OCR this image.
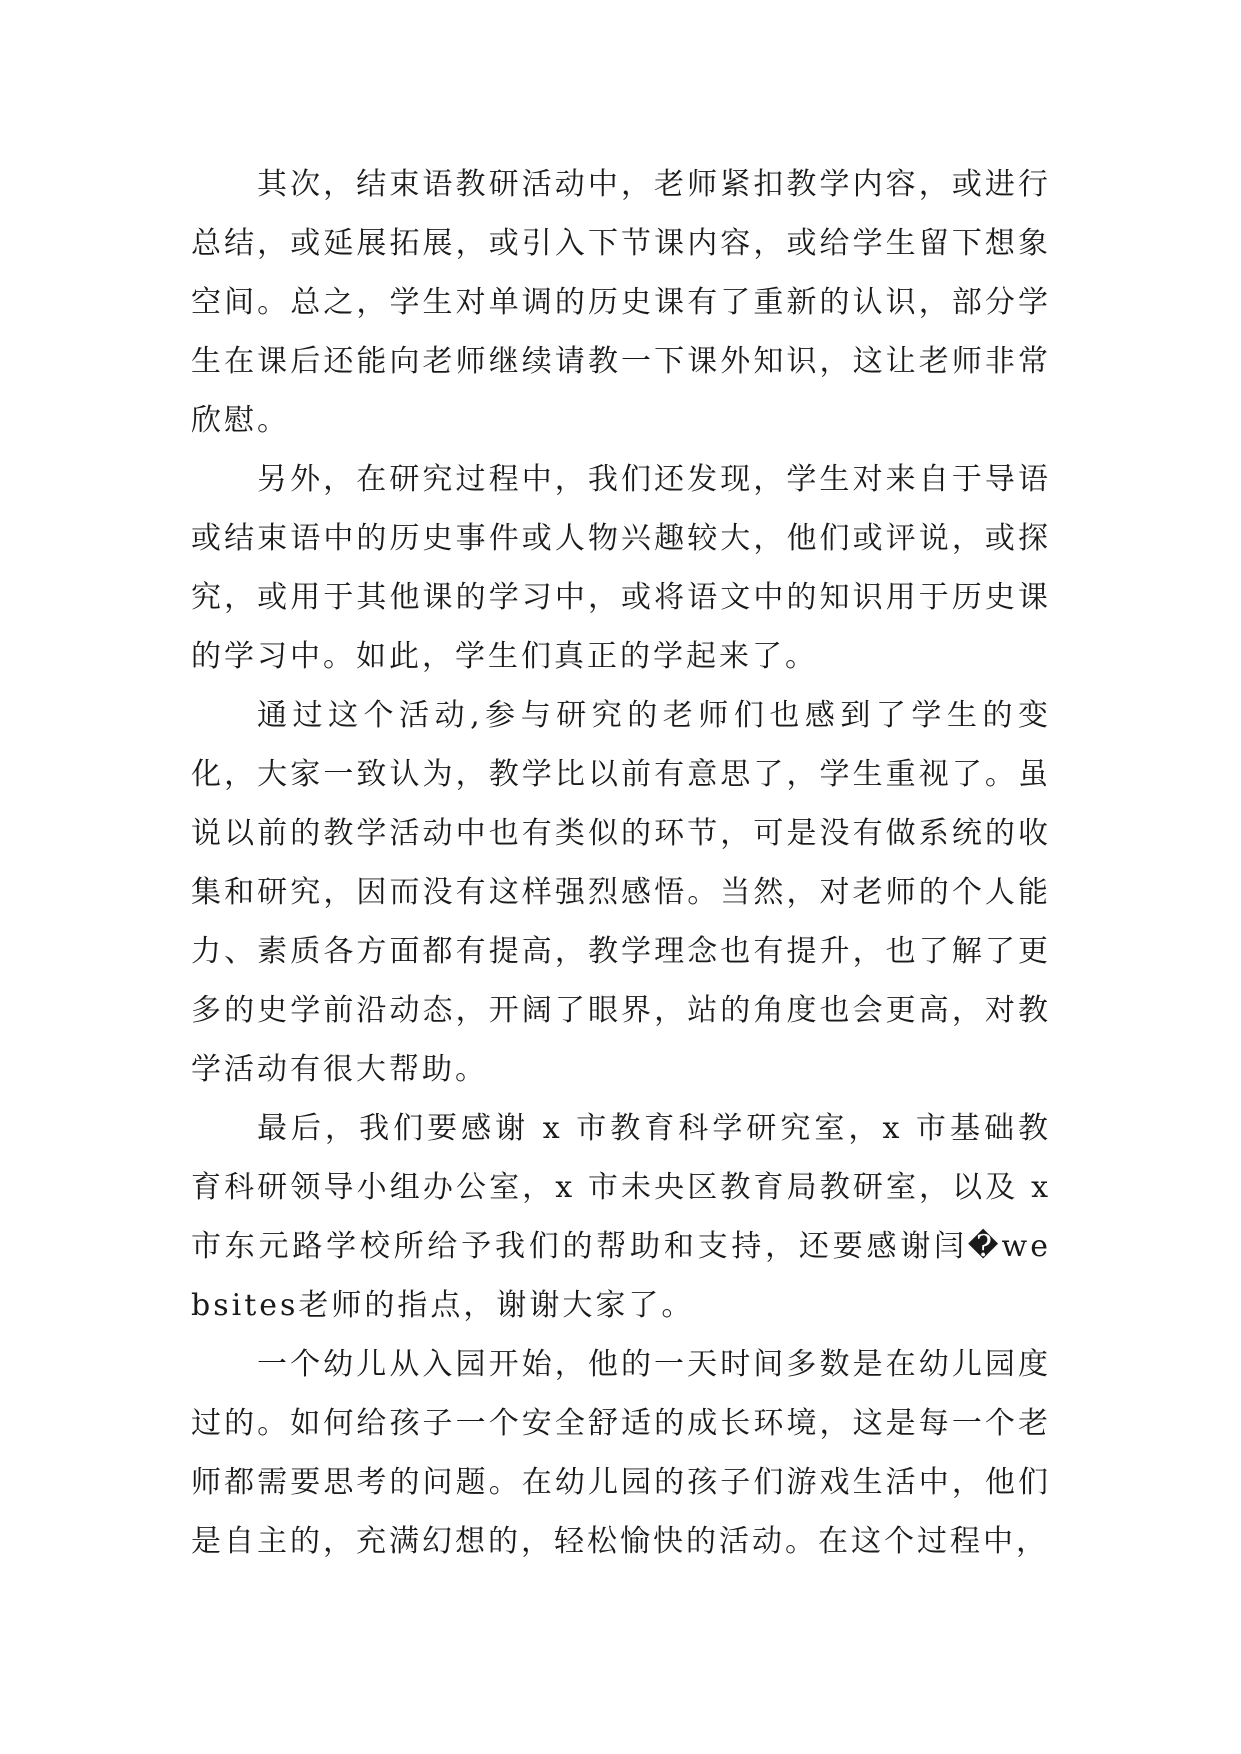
其次，结束语教研活动中，老师紧扣教学内容，或进行总结，或延展拓展，或引入下节课内容，或给学生留下想象空间。总之，学生对单调的历史课有了重新的认识，部分学生在课后还能向老师继续请教一下课外知识，这让老师非常欣慰。

另外，在研究过程中，我们还发现，学生对来自于导语或结束语中的历史事件或人物兴趣较大，他们或评说，或探究，或用于其他课的学习中，或将语文中的知识用于历史课的学习中。如此，学生们真正的学起来了。

通过这个活动,参与研究的老师们也感到了学生的变化，大家一致认为，教学比以前有意思了，学生重视了。虽说以前的教学活动中也有类似的环节，可是没有做系统的收集和研究，因而没有这样强烈感悟。当然，对老师的个人能力、素质各方面都有提高，教学理念也有提升，也了解了更多的史学前沿动态，开阔了眼界，站的角度也会更高，对教学活动有很大帮助。

最后，我们要感谢 x 市教育科学研究室，x 市基础教育科研领导小组办公室，x 市未央区教育局教研室，以及 x 市东元路学校所给予我们的帮助和支持，还要感谢闫�websites老师的指点，谢谢大家了。

一个幼儿从入园开始，他的一天时间多数是在幼儿园度过的。如何给孩子一个安全舒适的成长环境，这是每一个老师都需要思考的问题。在幼儿园的孩子们游戏生活中，他们是自主的，充满幻想的，轻松愉快的活动。在这个过程中，
